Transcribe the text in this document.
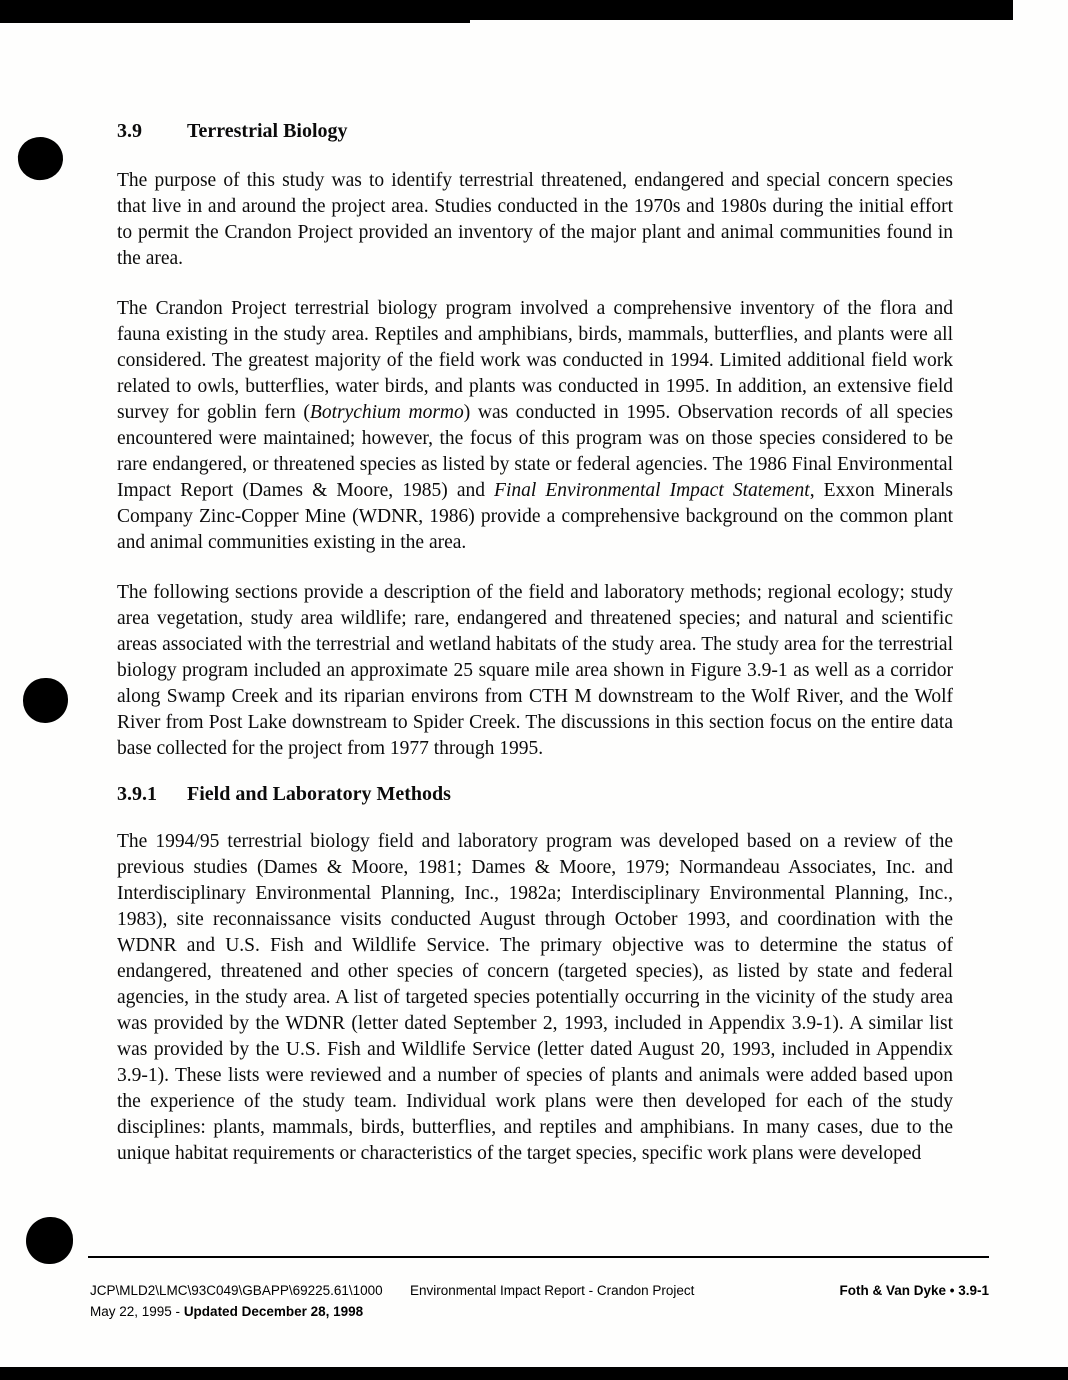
3.9	Terrestrial Biology

The purpose of this study was to identify terrestrial threatened, endangered and special concern species that live in and around the project area. Studies conducted in the 1970s and 1980s during the initial effort to permit the Crandon Project provided an inventory of the major plant and animal communities found in the area.

The Crandon Project terrestrial biology program involved a comprehensive inventory of the flora and fauna existing in the study area. Reptiles and amphibians, birds, mammals, butterflies, and plants were all considered. The greatest majority of the field work was conducted in 1994. Limited additional field work related to owls, butterflies, water birds, and plants was conducted in 1995. In addition, an extensive field survey for goblin fern (Botrychium mormo) was conducted in 1995. Observation records of all species encountered were maintained; however, the focus of this program was on those species considered to be rare endangered, or threatened species as listed by state or federal agencies. The 1986 Final Environmental Impact Report (Dames & Moore, 1985) and Final Environmental Impact Statement, Exxon Minerals Company Zinc-Copper Mine (WDNR, 1986) provide a comprehensive background on the common plant and animal communities existing in the area.

The following sections provide a description of the field and laboratory methods; regional ecology; study area vegetation, study area wildlife; rare, endangered and threatened species; and natural and scientific areas associated with the terrestrial and wetland habitats of the study area. The study area for the terrestrial biology program included an approximate 25 square mile area shown in Figure 3.9-1 as well as a corridor along Swamp Creek and its riparian environs from CTH M downstream to the Wolf River, and the Wolf River from Post Lake downstream to Spider Creek. The discussions in this section focus on the entire data base collected for the project from 1977 through 1995.

3.9.1	Field and Laboratory Methods

The 1994/95 terrestrial biology field and laboratory program was developed based on a review of the previous studies (Dames & Moore, 1981; Dames & Moore, 1979; Normandeau Associates, Inc. and Interdisciplinary Environmental Planning, Inc., 1982a; Interdisciplinary Environmental Planning, Inc., 1983), site reconnaissance visits conducted August through October 1993, and coordination with the WDNR and U.S. Fish and Wildlife Service. The primary objective was to determine the status of endangered, threatened and other species of concern (targeted species), as listed by state and federal agencies, in the study area. A list of targeted species potentially occurring in the vicinity of the study area was provided by the WDNR (letter dated September 2, 1993, included in Appendix 3.9-1). A similar list was provided by the U.S. Fish and Wildlife Service (letter dated August 20, 1993, included in Appendix 3.9-1). These lists were reviewed and a number of species of plants and animals were added based upon the experience of the study team. Individual work plans were then developed for each of the study disciplines: plants, mammals, birds, butterflies, and reptiles and amphibians. In many cases, due to the unique habitat requirements or characteristics of the target species, specific work plans were developed

JCP\MLD2\LMC\93C049\GBAPP\69225.61\1000
May 22, 1995 - Updated December 28, 1998
Environmental Impact Report - Crandon Project	Foth & Van Dyke • 3.9-1
